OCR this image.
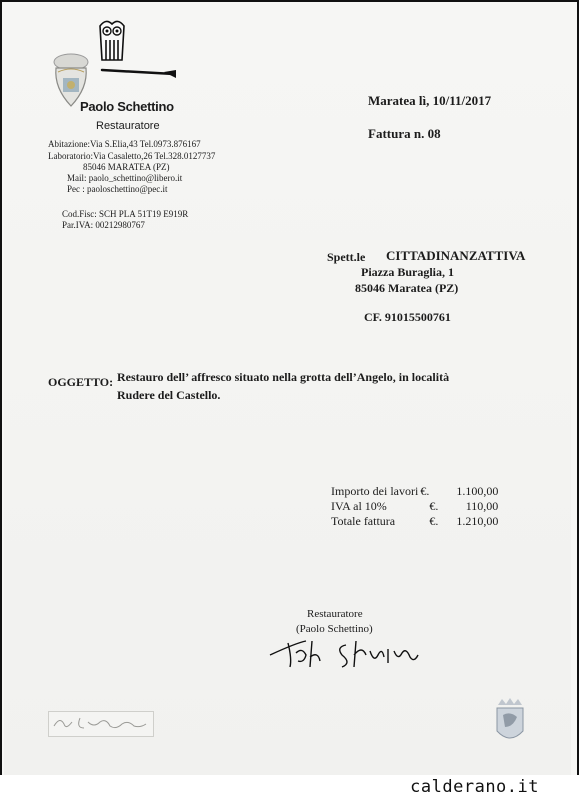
Paolo Schettino
Restauratore
Abitazione:Via S.Elia,43 Tel.0973.876167
Laboratorio:Via Casaletto,26 Tel.328.0127737
85046 MARATEA (PZ)
Mail: paolo_schettino@libero.it
Pec : paoloschettino@pec.it
Cod.Fisc: SCH PLA 51T19 E919R
Par.IVA: 00212980767
Maratea lì, 10/11/2017
Fattura n. 08
Spett.le CITTADINANZATTIVA
Piazza Buraglia, 1
85046 Maratea (PZ)
CF. 91015500761
OGGETTO: Restauro dell’ affresco situato nella grotta dell’Angelo, in località
Rudere del Castello.
Importo dei lavori	€.	1.100,00
IVA al 10%	€.	110,00
Totale fattura	€.	1.210,00
Restauratore
(Paolo Schettino)
calderano.it
